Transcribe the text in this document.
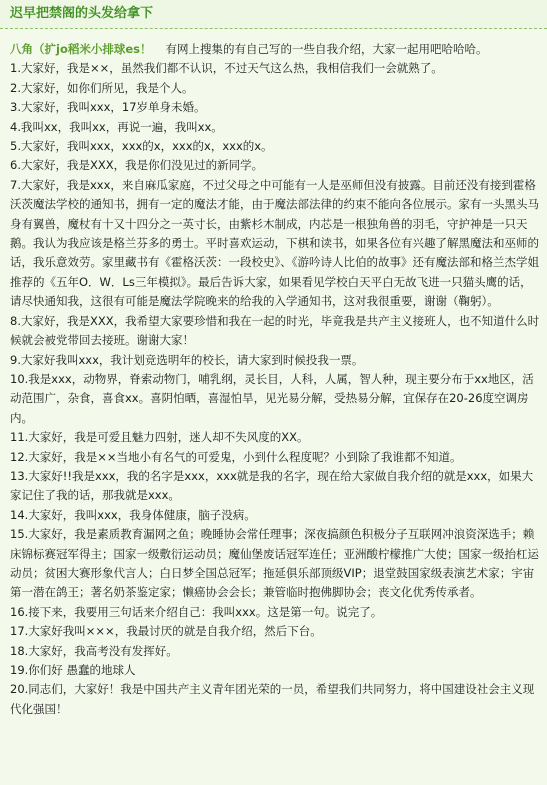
迟早把禁阁的头发给拿下

八角（扩jo稻米小排球es！ 有网上搜集的有自己写的一些自我介绍，大家一起用吧哈哈哈。

1.大家好，我是××，虽然我们都不认识，不过天气这么热，我相信我们一会就熟了。

2.大家好，如你们所见，我是个人。

3.大家好，我叫xxx，17岁单身未婚。

4.我叫xx，我叫xx，再说一遍，我叫xx。

5.大家好，我叫xxx，xxx的x，xxx的x，xxx的x。

6.大家好，我是XXX，我是你们没见过的新同学。

7.大家好，我是xxx，来自麻瓜家庭，不过父母之中可能有一人是巫师但没有披露。目前还没有接到霍格沃茨魔法学校的通知书，拥有一定的魔法才能，由于魔法部法律的约束不能向各位展示。家有一头黑头马身有翼兽，魔杖有十又十四分之一英寸长，由紫杉木制成，内芯是一根独角兽的羽毛，守护神是一只天鹅。我认为我应该是格兰芬多的勇士。平时喜欢运动，下棋和读书，如果各位有兴趣了解黑魔法和巫师的话，我乐意效劳。家里藏书有《霍格沃茨：一段校史》、《游吟诗人比伯的故事》还有魔法部和格兰杰学姐推荐的《五年O．W．Ls三年模拟》。最后告诉大家，如果看见学校白天平白无故飞进一只猫头鹰的话，请尽快通知我，这很有可能是魔法学院晚来的给我的入学通知书，这对我很重要，谢谢（鞠躬）。

8.大家好，我是XXX，我希望大家要珍惜和我在一起的时光，毕竟我是共产主义接班人，也不知道什么时候就会被党带回去接班。谢谢大家！

9.大家好我叫xxx，我计划竞选明年的校长，请大家到时候投我一票。

10.我是xxx，动物界，脊索动物门，哺乳纲，灵长目，人科，人属，智人种，现主要分布于xx地区，活动范围广，杂食，喜食xx。喜阴怕晒，喜湿怕旱，见光易分解，受热易分解，宜保存在20-26度空调房内。

11.大家好，我是可爱且魅力四射，迷人却不失风度的XX。

12.大家好，我是××当地小有名气的可爱鬼，小到什么程度呢？小到除了我谁都不知道。

13.大家好!!我是xxx，我的名字是xxx，xxx就是我的名字，现在给大家做自我介绍的就是xxx，如果大家记住了我的话，那我就是xxx。

14.大家好，我叫xxx，我身体健康，脑子没病。

15.大家好，我是素质教育漏网之鱼；晚睡协会常任理事；深夜搞颜色积极分子互联网冲浪资深选手；赖床锦标赛冠军得主；国家一级敷衍运动员；魔仙堡废话冠军连任；亚洲酸柠檬推广大使；国家一级抬杠运动员；贫困大赛形象代言人；白日梦全国总冠军；拖延俱乐部顶级VIP；退堂鼓国家级表演艺术家；宇宙第一潜在鸽王；著名奶茶鉴定家；懒癌协会会长；兼管临时抱佛脚协会；丧文化优秀传承者。

16.接下来，我要用三句话来介绍自己：我叫xxx。这是第一句。说完了。

17.大家好我叫×××，我最讨厌的就是自我介绍，然后下台。

18.大家好，我高考没有发挥好。

19.你们好 愚蠢的地球人

20.同志们，大家好！我是中国共产主义青年团光荣的一员，希望我们共同努力，将中国建设社会主义现代化强国！
